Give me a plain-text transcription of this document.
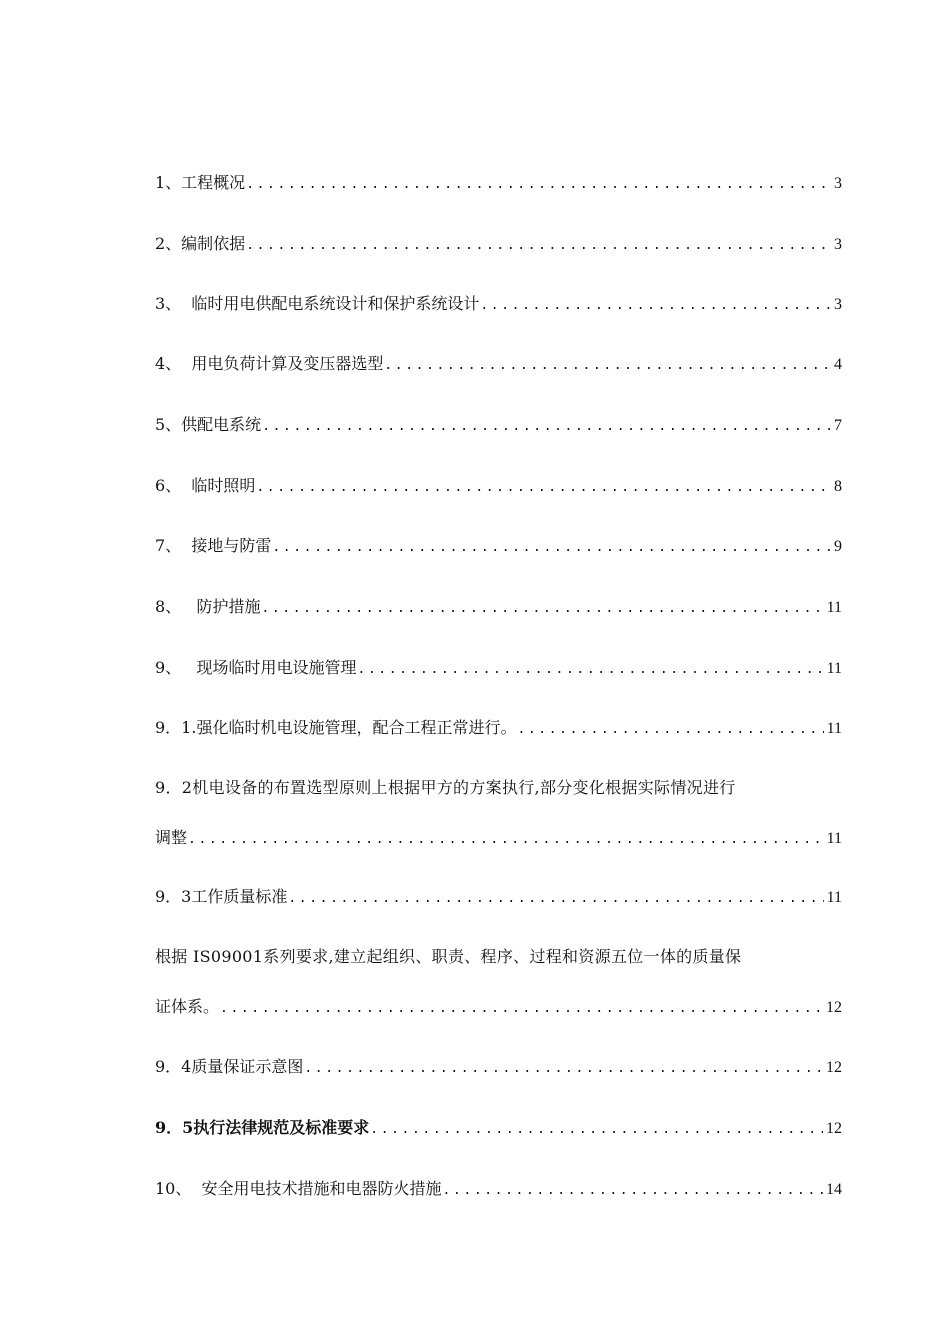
1、工程概况 .....	3
2、编制依据 .....	3
3、  临时用电供配电系统设计和保护系统设计 .....	3
4、  用电负荷计算及变压器选型 .....	4
5、供配电系统 .....	7
6、  临时照明 .....	8
7、  接地与防雷 .....	9
8、   防护措施 .....	11
9、   现场临时用电设施管理 .....	11
9．1.强化临时机电设施管理，配合工程正常进行。 .....	11
9．2机电设备的布置选型原则上根据甲方的方案执行,部分变化根据实际情况进行
调整 .....	11
9．3工作质量标准 .....	11
根据 IS09001系列要求,建立起组织、职责、程序、过程和资源五位一体的质量保
证体系。 .....	12
9．4质量保证示意图 .....	12
9．5执行法律规范及标准要求 .....	12
10、  安全用电技术措施和电器防火措施 .....	14
